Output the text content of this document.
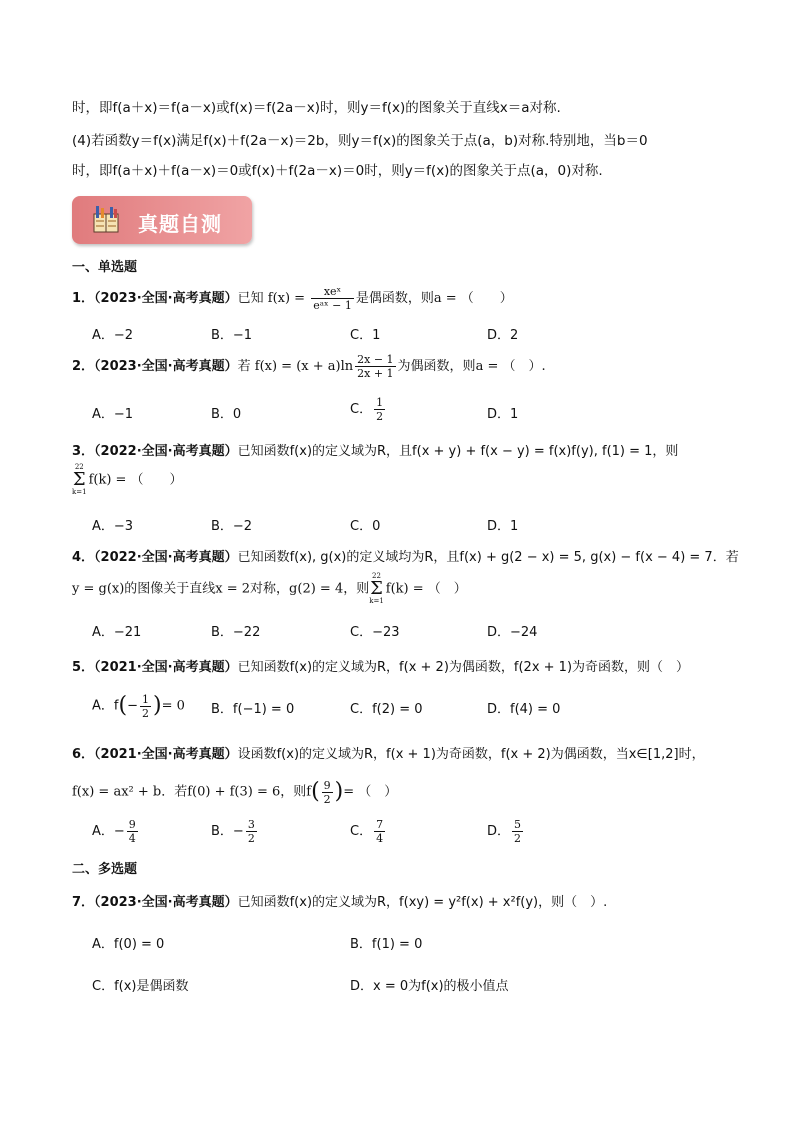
时，即f(a＋x)＝f(a－x)或f(x)＝f(2a－x)时，则y＝f(x)的图象关于直线x＝a对称.
(4)若函数y＝f(x)满足f(x)＋f(2a－x)＝2b，则y＝f(x)的图象关于点(a，b)对称.特别地，当b＝0
时，即f(a＋x)＋f(a－x)＝0或f(x)＋f(2a－x)＝0时，则y＝f(x)的图象关于点(a，0)对称.
真题自测
一、单选题
1．（2023·全国·高考真题）已知 $f(x) = \frac{\text{xeˣ}}{\text{eᵃˣ − 1}}$ 是偶函数，则a = （　　）
A．−2	B．−1	C．1	D．2
2．（2023·全国·高考真题）若 $f(x) = (x + a)\ln \frac{2x - 1}{2x + 1}$ 为偶函数，则a = （　）.
A．−1	B．0	C． $\frac{1}{2}$	D．1
3．（2022·全国·高考真题）已知函数f(x)的定义域为R，且f(x + y) + f(x − y) = f(x)f(y), f(1) = 1，则
22
Σ
k=1
f(k) = （　　）
A．−3	B．−2	C．0	D．1
4．（2022·全国·高考真题）已知函数f(x), g(x)的定义域均为R，且f(x) + g(2 − x) = 5, g(x) − f(x − 4) = 7．若
y = g(x)的图像关于直线x = 2对称，g(2) = 4，则
22
Σ
k=1
f(k) = （　）
A．−21	B．−22	C．−23	D．−24
5．（2021·全国·高考真题）已知函数f(x)的定义域为R，f(x + 2)为偶函数，f(2x + 1)为奇函数，则（　）
A．$f(- \frac{1}{2}$ )= 0 B．f(−1) = 0	C．f(2) = 0	D．f(4) = 0
6．（2021·全国·高考真题）设函数f(x)的定义域为R，f(x + 1)为奇函数，f(x + 2)为偶函数，当x∈[1,2]时，
f(x) = ax² + b．若f(0) + f(3) = 6，则$f( \frac{9}{2}$ )= （　）
A．− $\frac{9}{4}$	B．− $\frac{3}{2}$	C． $\frac{7}{4}$	D． $\frac{5}{2}$
二、多选题
7．（2023·全国·高考真题）已知函数f(x)的定义域为R，f(xy) = y²f(x) + x²f(y)，则（　）.
A．f(0) = 0	B．f(1) = 0
C．f(x)是偶函数	D．x = 0为f(x)的极小值点
